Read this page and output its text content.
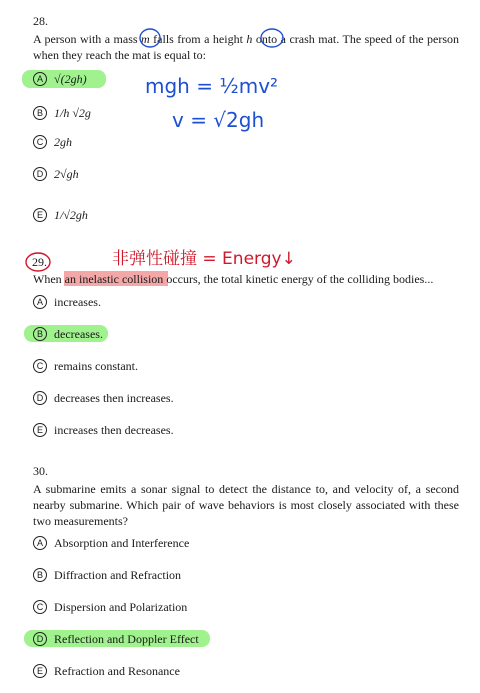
28.
A person with a mass m falls from a height h onto a crash mat. The speed of the person when they reach the mat is equal to:
A √(2gh)
B 1/h √2g
C 2gh
D 2√gh
E 1/√2gh
mgh = ½mv²
v = √2gh
29.	非弹性碰撞 = Energy↓
When an inelastic collision occurs, the total kinetic energy of the colliding bodies...
A increases.
B decreases.
C remains constant.
D decreases then increases.
E increases then decreases.
30.
A submarine emits a sonar signal to detect the distance to, and velocity of, a second nearby submarine. Which pair of wave behaviors is most closely associated with these two measurements?
A Absorption and Interference
B Diffraction and Refraction
C Dispersion and Polarization
D Reflection and Doppler Effect
E Refraction and Resonance
